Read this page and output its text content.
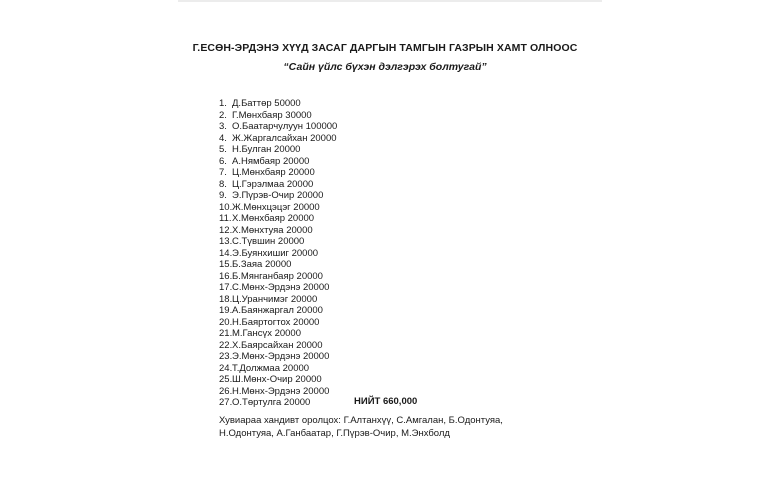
Г.ЕСӨН-ЭРДЭНЭ ХҮҮД ЗАСАГ ДАРГЫН ТАМГЫН ГАЗРЫН ХАМТ ОЛНООС
“Сайн үйлс бүхэн дэлгэрэх болтугай”
1. Д.Баттөр 50000
2. Г.Мөнхбаяр 30000
3. О.Баатарчулуун 100000
4. Ж.Жаргалсайхан 20000
5. Н.Булган 20000
6. А.Нямбаяр 20000
7. Ц.Мөнхбаяр 20000
8. Ц.Гэрэлмаа 20000
9. Э.Пүрэв-Очир 20000
10.Ж.Мөнхцэцэг 20000
11.Х.Мөнхбаяр 20000
12.Х.Мөнхтуяа 20000
13.С.Түвшин 20000
14.Э.Буянхишиг 20000
15.Б.Заяа 20000
16.Б.Мянганбаяр 20000
17.С.Мөнх-Эрдэнэ 20000
18.Ц.Уранчимэг 20000
19.А.Баянжаргал 20000
20.Н.Баяртогтох 20000
21.М.Гансүх 20000
22.Х.Баярсайхан 20000
23.Э.Мөнх-Эрдэнэ 20000
24.Т.Должмаа 20000
25.Ш.Мөнх-Очир 20000
26.Н.Мөнх-Эрдэнэ 20000
27.О.Төртулга 20000	НИЙТ 660,000
Хувиараа хандивт оролцох: Г.Алтанхүү, С.Амгалан, Б.Одонтуяа, Н.Одонтуяа, А.Ганбаатар, Г.Пүрэв-Очир, М.Энхболд
